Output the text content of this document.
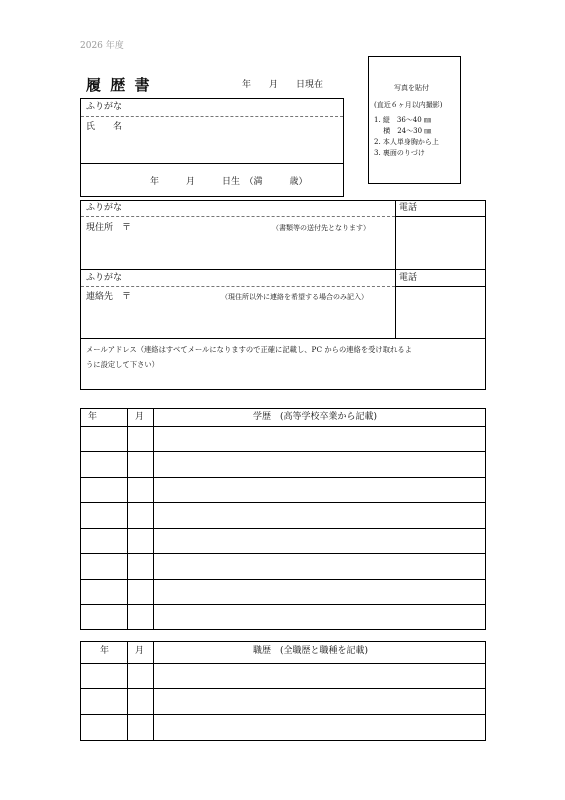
2026 年度
履 歴 書	年　　月　　日現在	写真を貼付
(直近６ヶ月以内撮影)
1. 縦　36～40 ㎜
　 横　24～30 ㎜
2. 本人単身胸から上
3. 裏面のりづけ
ふりがな
氏　　名
年　　　月　　　日生　（満　　　歳）
ふりがな	電話
現住所　〒	（書類等の送付先となります）
ふりがな	電話
連絡先　〒	（現住所以外に連絡を希望する場合のみ記入）
メールアドレス（連絡はすべてメールになりますので正確に記載し、PC からの連絡を受け取れるよ
うに設定して下さい）
年	月	学歴　(高等学校卒業から記載)
年	月	職歴　(全職歴と職種を記載)
